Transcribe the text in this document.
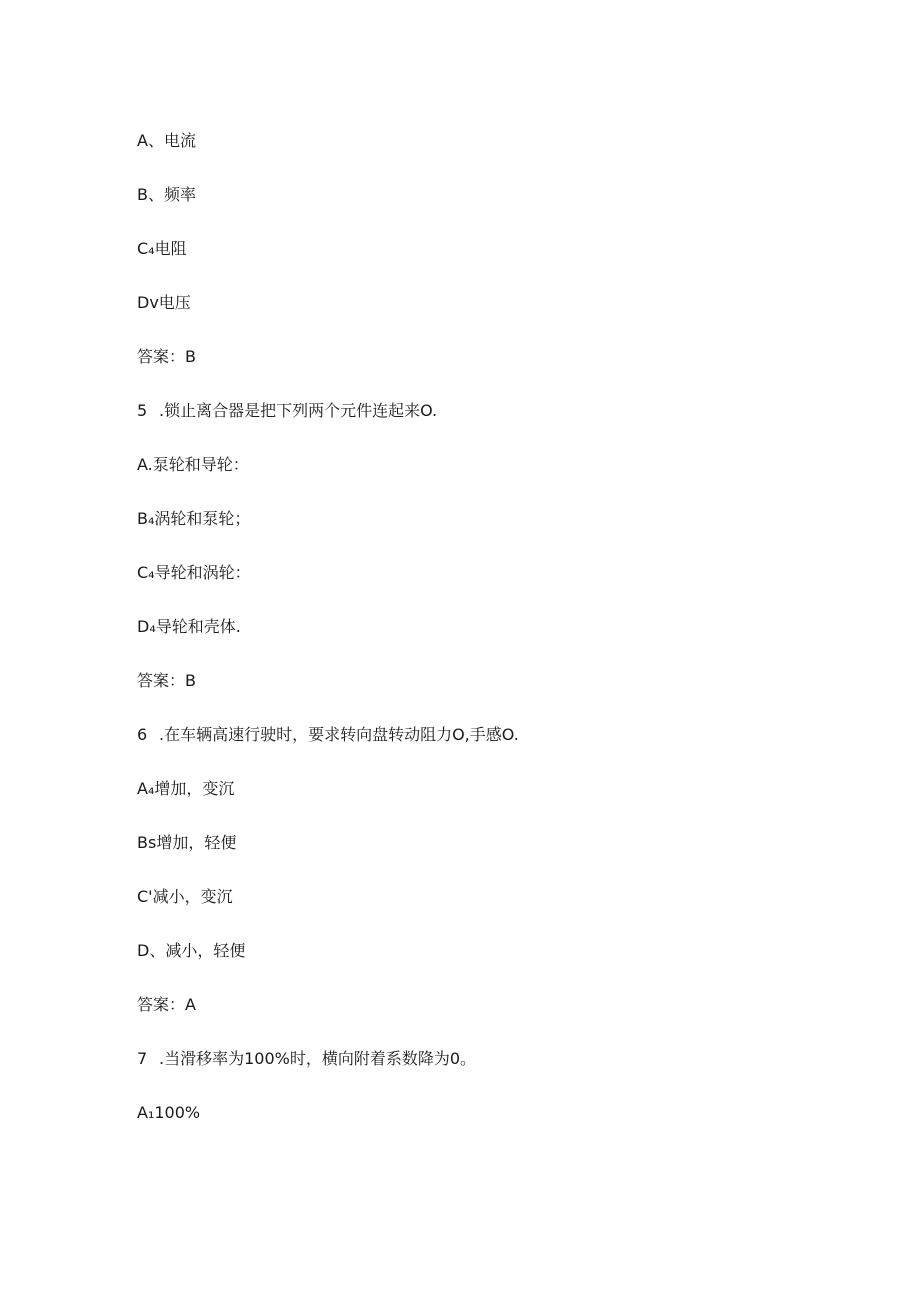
A、电流
B、频率
C₄电阻
Dv电压
答案：B
5 .锁止离合器是把下列两个元件连起来O.
A.泵轮和导轮：
B₄涡轮和泵轮；
C₄导轮和涡轮：
D₄导轮和壳体.
答案：B
6 .在车辆高速行驶时，要求转向盘转动阻力O,手感O.
A₄增加，变沉
Bs增加，轻便
C'减小，变沉
D、减小，轻便
答案：A
7 .当滑移率为100%时，横向附着系数降为0。
A₁100%
